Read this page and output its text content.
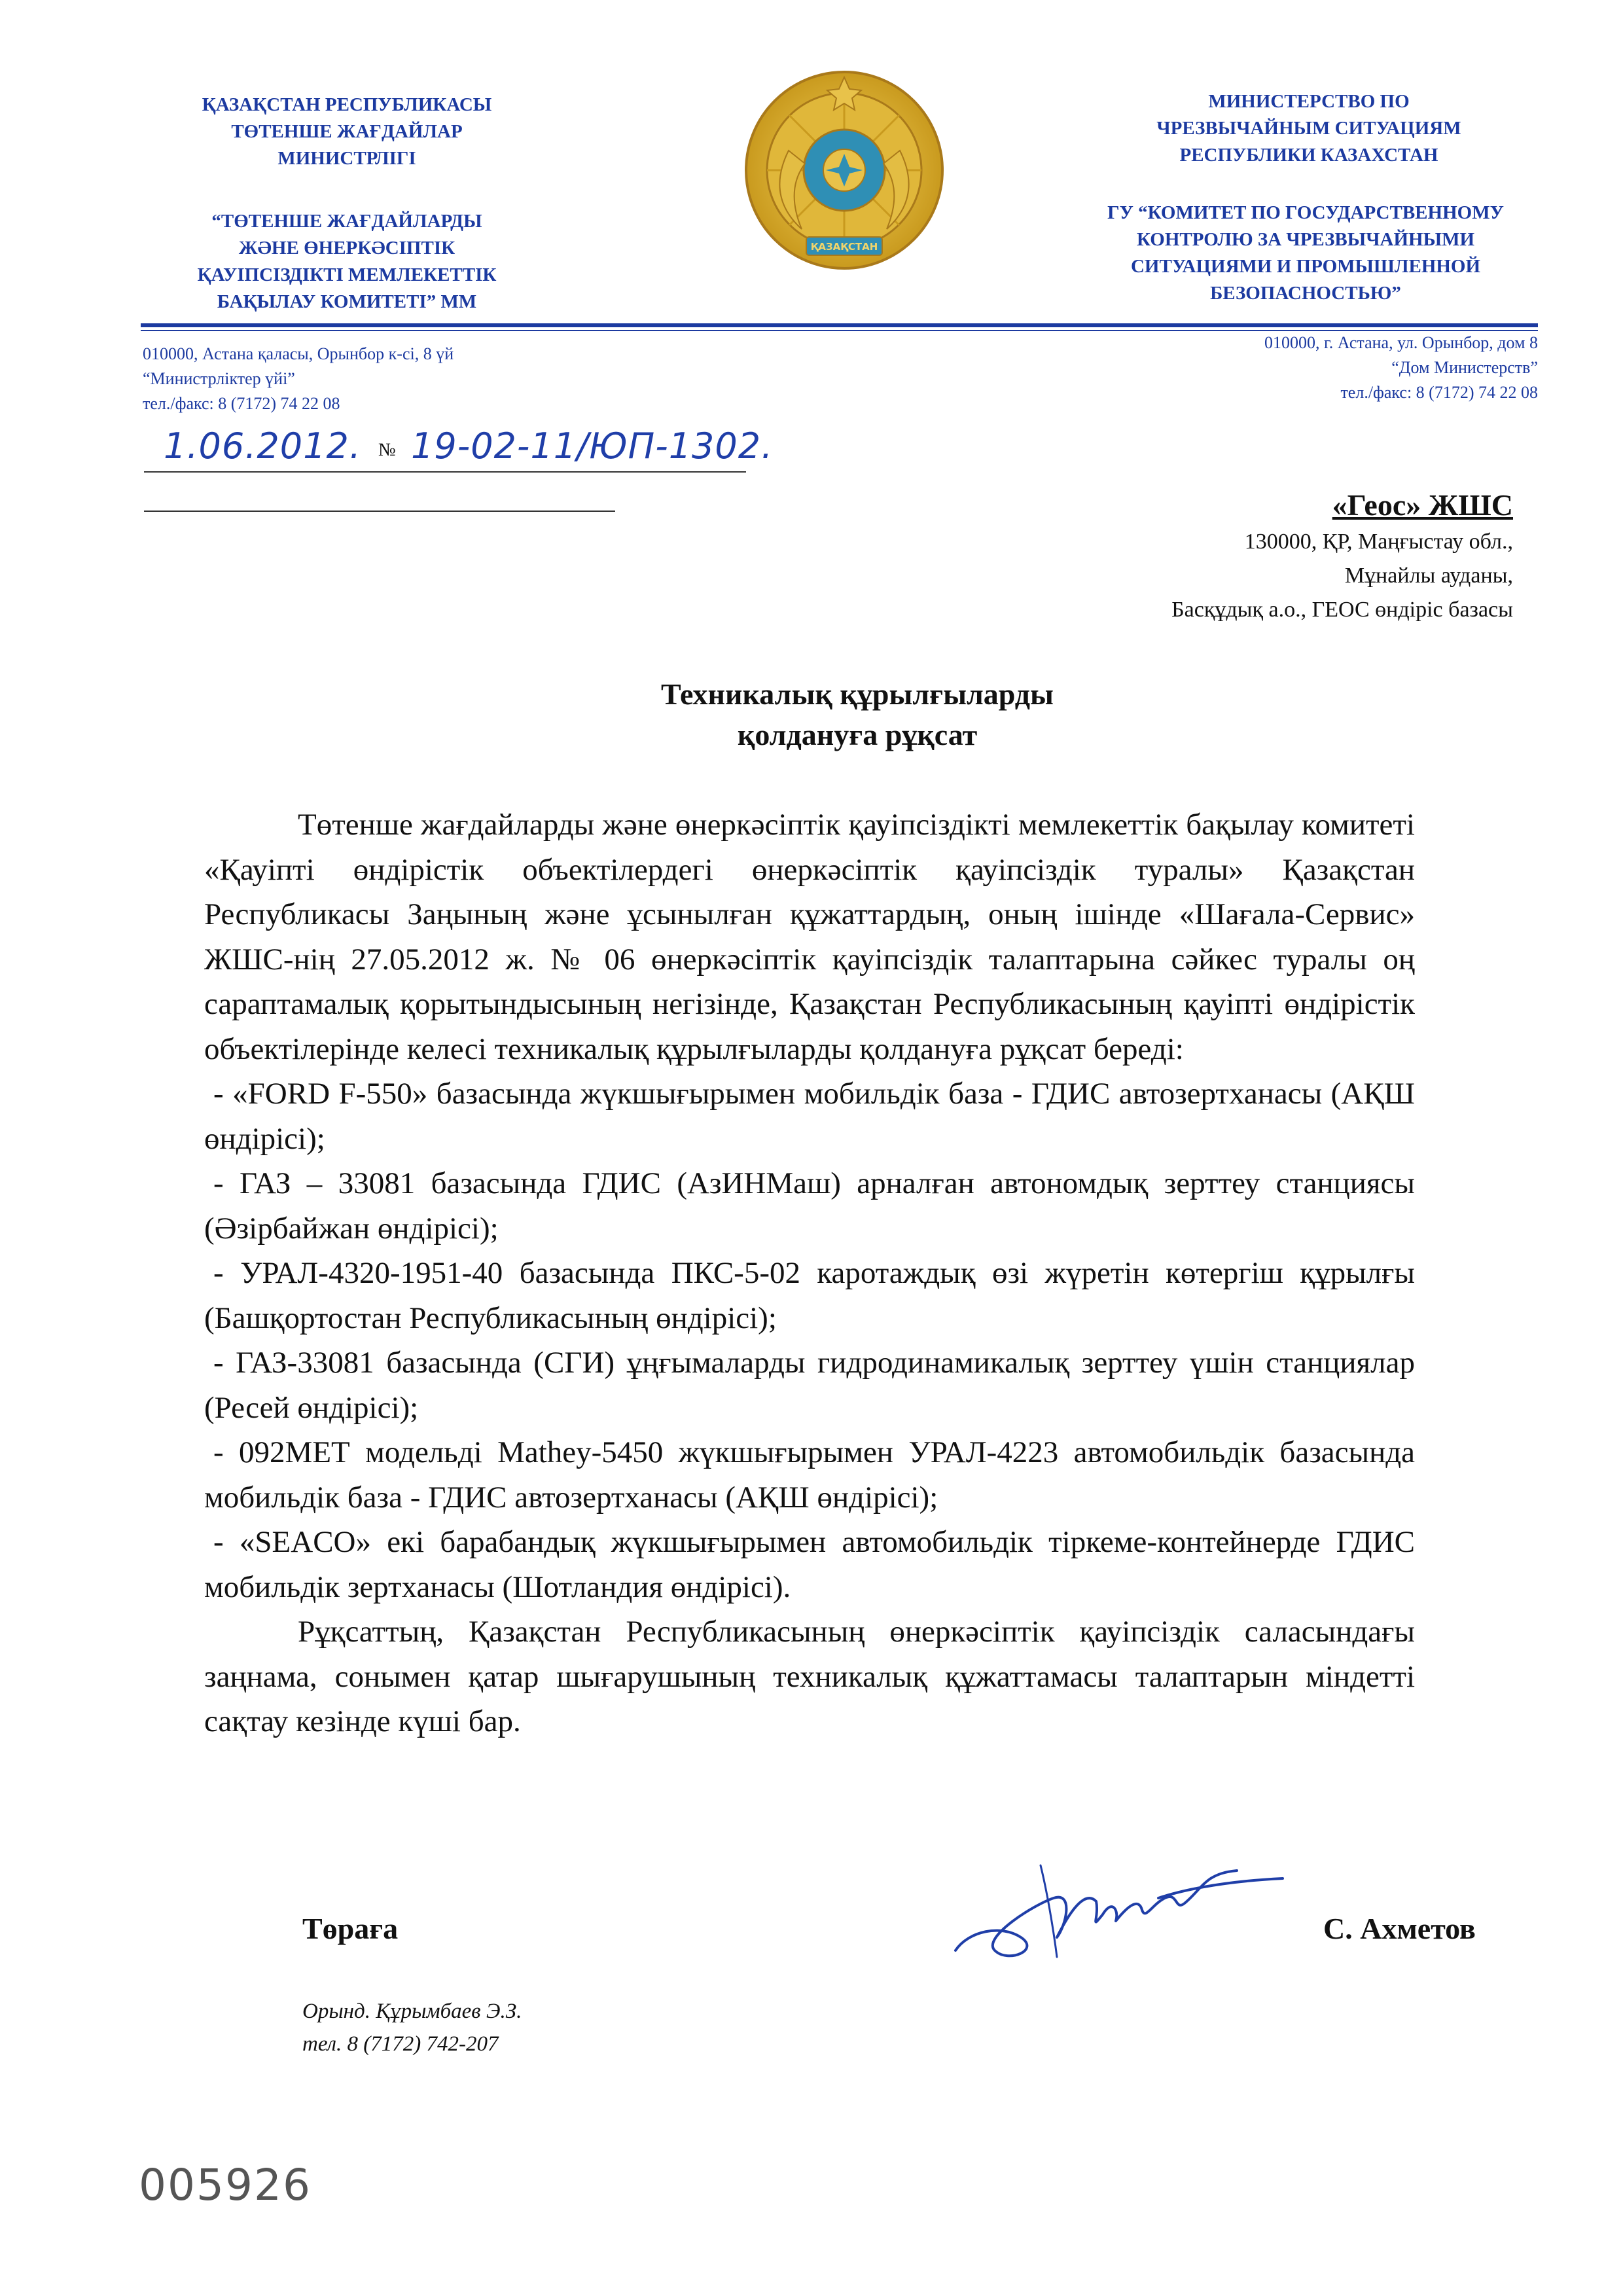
ҚАЗАҚСТАН РЕСПУБЛИКАСЫ
ТӨТЕНШЕ ЖАҒДАЙЛАР
МИНИСТРЛІГІ
“ТӨТЕНШЕ ЖАҒДАЙЛАРДЫ
ЖӘНЕ ӨНЕРКӘСІПТІК
ҚАУІПСІЗДІКТІ МЕМЛЕКЕТТІК
БАҚЫЛАУ КОМИТЕТІ” ММ
ҚАЗАҚСТАН
МИНИСТЕРСТВО ПО
ЧРЕЗВЫЧАЙНЫМ СИТУАЦИЯМ
РЕСПУБЛИКИ КАЗАХСТАН
ГУ “КОМИТЕТ ПО ГОСУДАРСТВЕННОМУ
КОНТРОЛЮ ЗА ЧРЕЗВЫЧАЙНЫМИ
СИТУАЦИЯМИ И ПРОМЫШЛЕННОЙ
БЕЗОПАСНОСТЬЮ”
010000, Астана қаласы, Орынбор к-сі, 8 үй
“Министрліктер үйі”
тел./факс: 8 (7172) 74 22 08
010000, г. Астана, ул. Орынбор, дом 8
“Дом Министерств”
тел./факс: 8 (7172) 74 22 08
1.06.2012. № 19-02-11/ЮП-1302.
«Геос» ЖШС
130000, ҚР, Маңғыстау обл.,
Мұнайлы ауданы,
Басқұдық а.о., ГЕОС өндіріс базасы
Техникалық құрылғыларды
қолдануға рұқсат

Төтенше жағдайларды және өнеркәсіптік қауіпсіздікті мемлекеттік бақылау комитеті «Қауіпті өндірістік объектілердегі өнеркәсіптік қауіпсіздік туралы» Қазақстан Республикасы Заңының және ұсынылған құжаттардың, оның ішінде «Шағала-Сервис» ЖШС-нің 27.05.2012 ж. № 06 өнеркәсіптік қауіпсіздік талаптарына сәйкес туралы оң сараптамалық қорытындысының негізінде, Қазақстан Республикасының қауіпті өндірістік объектілерінде келесі техникалық құрылғыларды қолдануға рұқсат береді:

- «FORD F-550» базасында жүкшығырымен мобильдік база - ГДИС автозертханасы (АҚШ өндірісі);

- ГАЗ – 33081 базасында ГДИС (АзИНМаш) арналған автономдық зерттеу станциясы (Әзірбайжан өндірісі);

- УРАЛ-4320-1951-40 базасында ПКС-5-02 каротаждық өзі жүретін көтергіш құрылғы (Башқортостан Республикасының өндірісі);

- ГАЗ-33081 базасында (СГИ) ұңғымаларды гидродинамикалық зерттеу үшін станциялар (Ресей өндірісі);

- 092МЕТ модельді Mathey-5450 жүкшығырымен УРАЛ-4223 автомобильдік базасында мобильдік база - ГДИС автозертханасы (АҚШ өндірісі);

- «SEACO» екі барабандық жүкшығырымен автомобильдік тіркеме-контейнерде ГДИС мобильдік зертханасы (Шотландия өндірісі).

Рұқсаттың, Қазақстан Республикасының өнеркәсіптік қауіпсіздік саласындағы заңнама, сонымен қатар шығарушының техникалық құжаттамасы талаптарын міндетті сақтау кезінде күші бар.

Төраға	С. Ахметов
Орынд. Құрымбаев Э.З.
тел. 8 (7172) 742-207
005926
